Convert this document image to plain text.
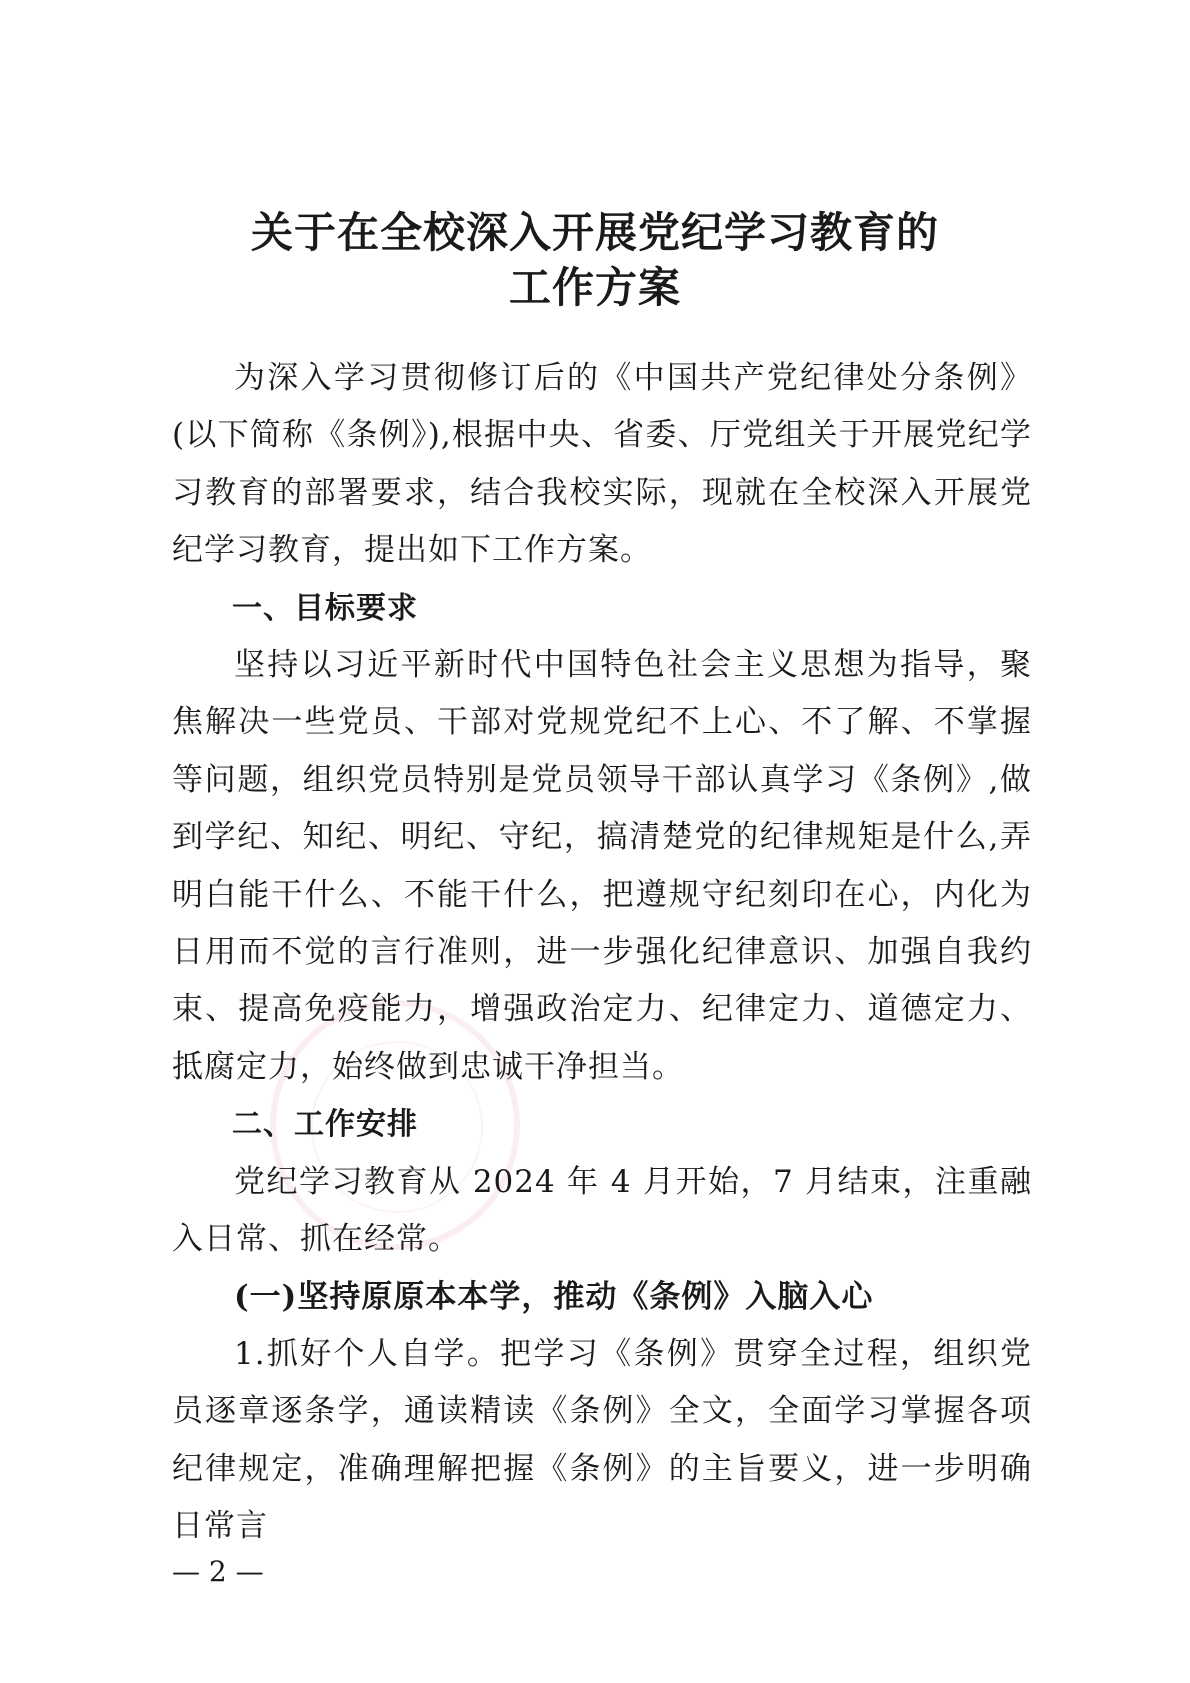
关于在全校深入开展党纪学习教育的
工作方案

为深入学习贯彻修订后的《中国共产党纪律处分条例》(以下简称《条例》),根据中央、省委、厅党组关于开展党纪学习教育的部署要求，结合我校实际，现就在全校深入开展党纪学习教育，提出如下工作方案。

一、目标要求

坚持以习近平新时代中国特色社会主义思想为指导，聚焦解决一些党员、干部对党规党纪不上心、不了解、不掌握等问题，组织党员特别是党员领导干部认真学习《条例》,做到学纪、知纪、明纪、守纪，搞清楚党的纪律规矩是什么,弄明白能干什么、不能干什么，把遵规守纪刻印在心，内化为日用而不觉的言行准则，进一步强化纪律意识、加强自我约束、提高免疫能力，增强政治定力、纪律定力、道德定力、抵腐定力，始终做到忠诚干净担当。

二、工作安排

党纪学习教育从 2024 年 4 月开始，7 月结束，注重融入日常、抓在经常。

(一)坚持原原本本学，推动《条例》入脑入心

1.抓好个人自学。把学习《条例》贯穿全过程，组织党员逐章逐条学，通读精读《条例》全文，全面学习掌握各项纪律规定，准确理解把握《条例》的主旨要义，进一步明确日常言

— 2 —
